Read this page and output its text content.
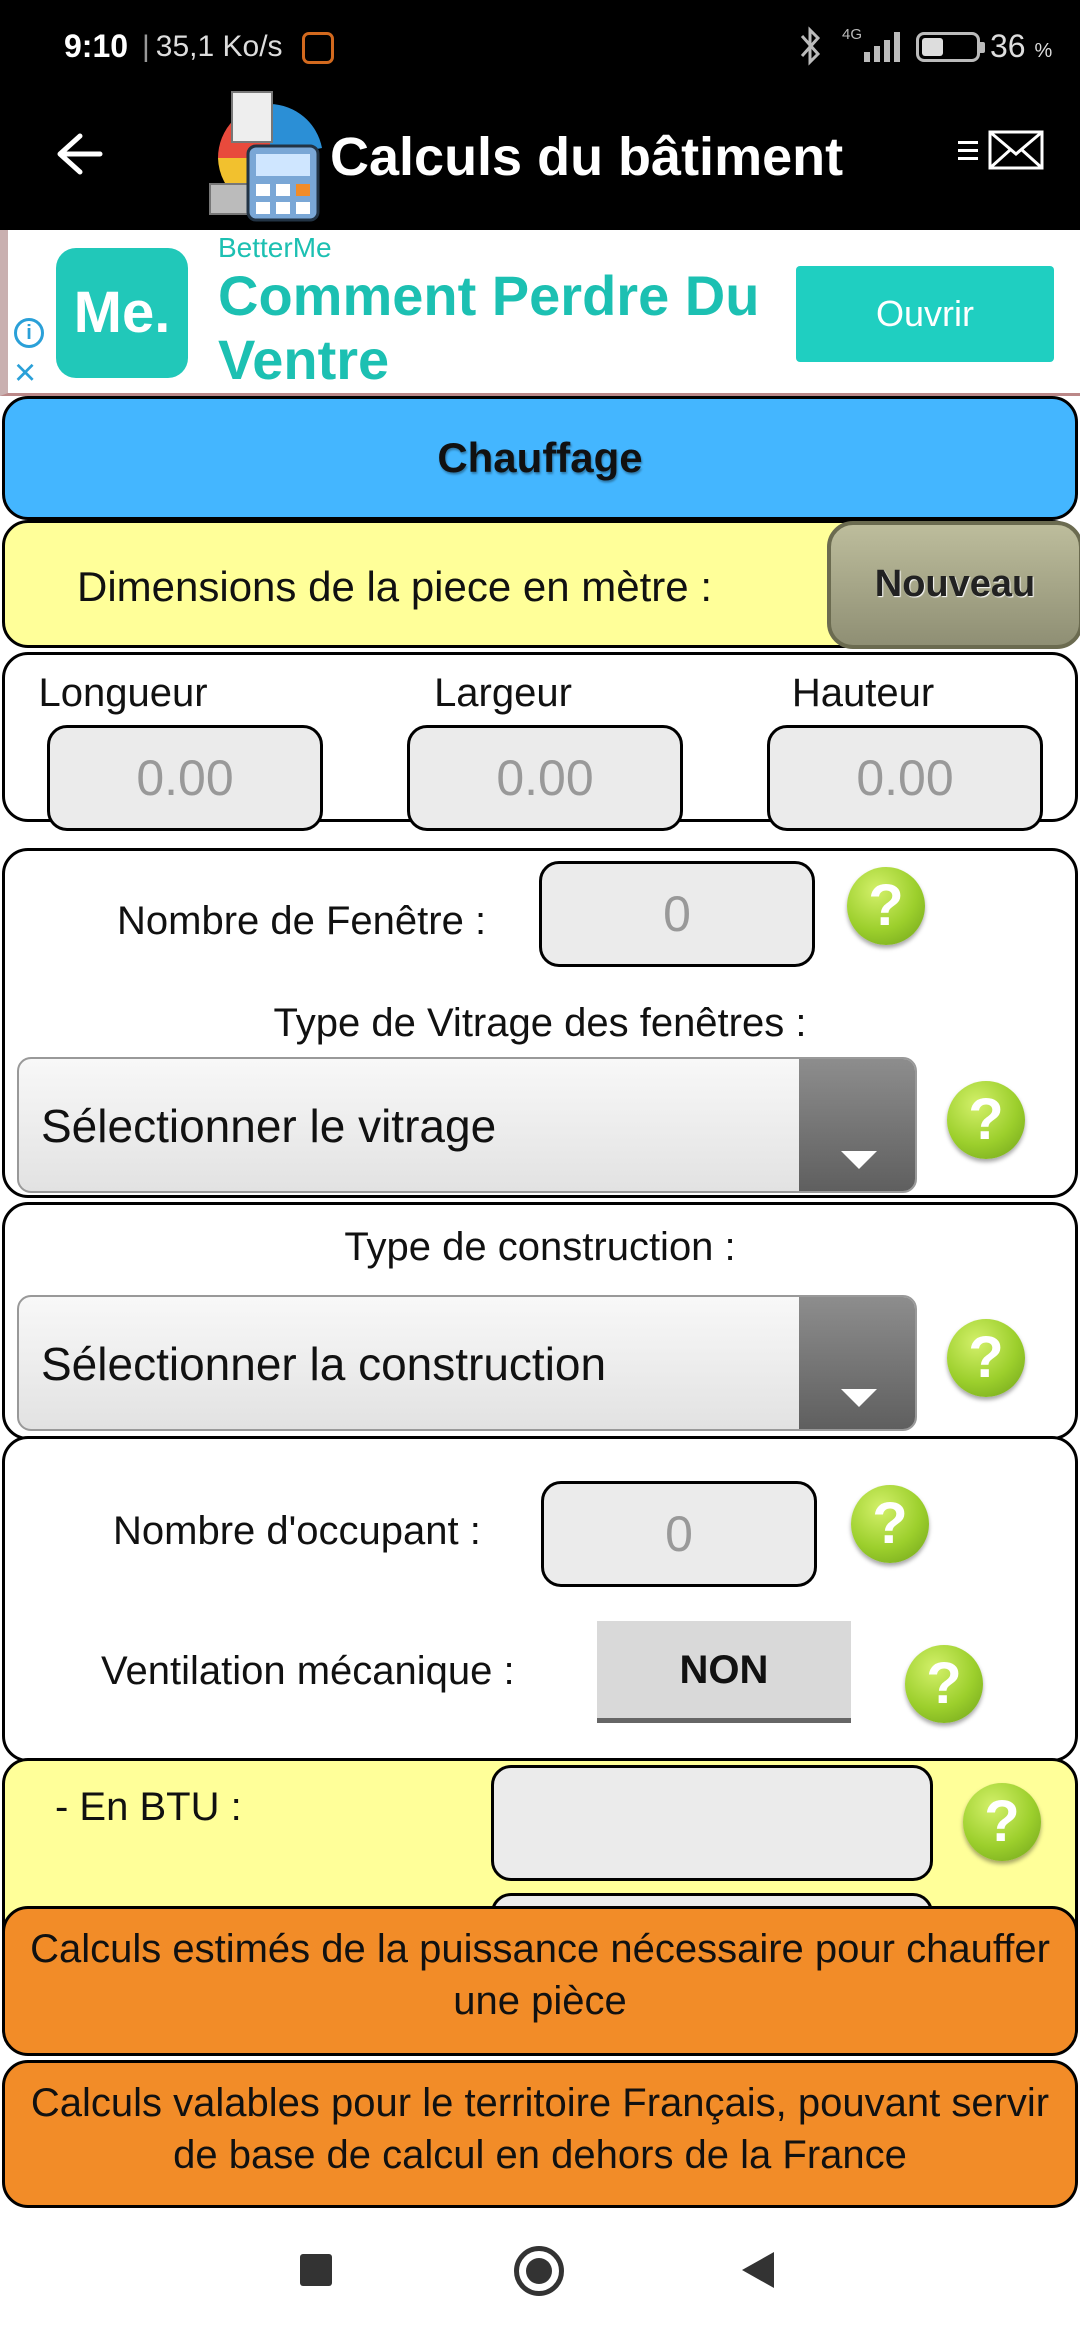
9:10 | 35,1 Ko/s	4G	36 %
Calculs du bâtiment
i
×
Me.
BetterMe
Comment Perdre Du Ventre
Ouvrir
Chauffage
Dimensions de la piece en mètre :	Nouveau
Longueur
0.00
Largeur
0.00
Hauteur
0.00
Nombre de Fenêtre :	0	?
Type de Vitrage des fenêtres :
Sélectionner le vitrage	?
Type de construction :
Sélectionner la construction	?
Nombre d'occupant :	0	?
Ventilation mécanique :	NON	?
- En BTU :	?
Calculs estimés de la puissance nécessaire pour chauffer une pièce
Calculs valables pour le territoire Français, pouvant servir de base de calcul en dehors de la France
